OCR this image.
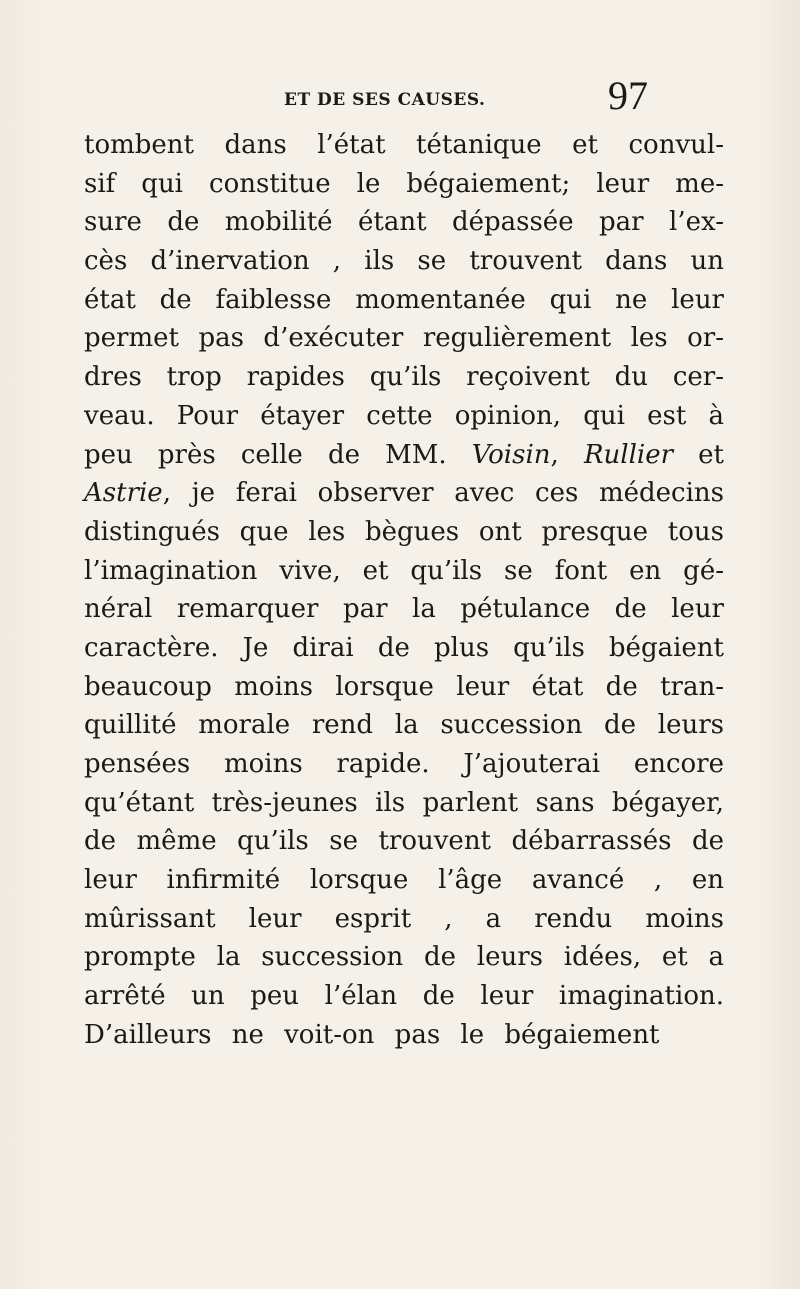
ET DE SES CAUSES.	97
tombent dans l’état tétanique et convul-
sif qui constitue le bégaiement; leur me-
sure de mobilité étant dépassée par l’ex-
cès d’inervation , ils se trouvent dans un
état de faiblesse momentanée qui ne leur
permet pas d’exécuter regulièrement les or-
dres trop rapides qu’ils reçoivent du cer-
veau. Pour étayer cette opinion, qui est à
peu près celle de MM. Voisin, Rullier et
Astrie, je ferai observer avec ces médecins
distingués que les bègues ont presque tous
l’imagination vive, et qu’ils se font en gé-
néral remarquer par la pétulance de leur
caractère. Je dirai de plus qu’ils bégaient
beaucoup moins lorsque leur état de tran-
quillité morale rend la succession de leurs
pensées moins rapide. J’ajouterai encore
qu’étant très-jeunes ils parlent sans bégayer,
de même qu’ils se trouvent débarrassés de
leur infirmité lorsque l’âge avancé , en
mûrissant leur esprit , a rendu moins
prompte la succession de leurs idées, et a
arrêté un peu l’élan de leur imagination.
D’ailleurs ne voit-on pas le bégaiement
